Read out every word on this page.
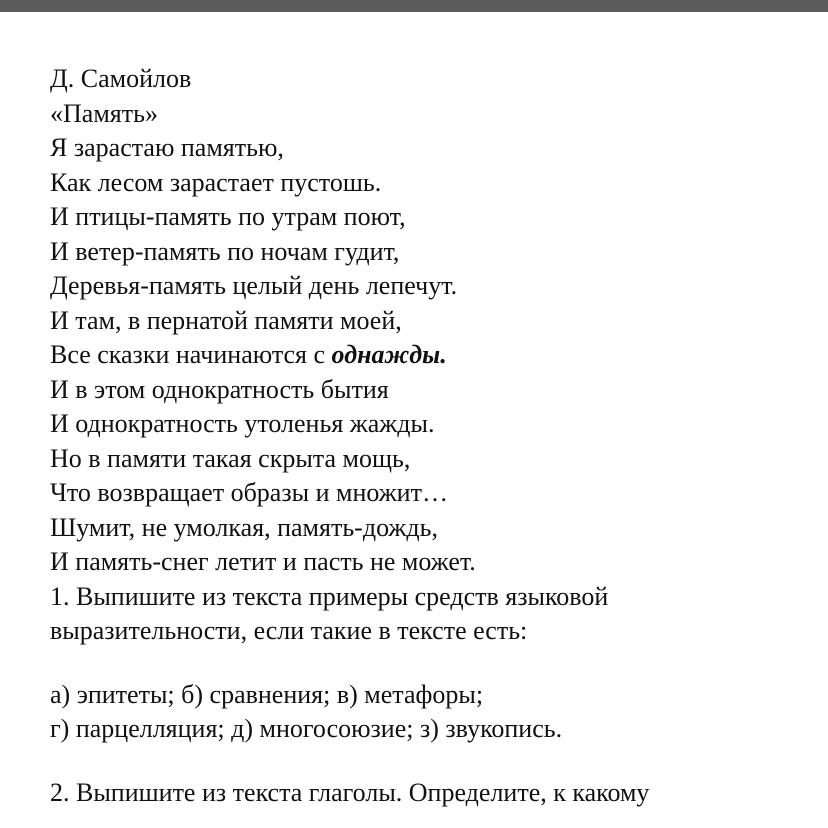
Д. Самойлов
«Память»
Я зарастаю памятью,
Как лесом зарастает пустошь.
И птицы-память по утрам поют,
И ветер-память по ночам гудит,
Деревья-память целый день лепечут.
И там, в пернатой памяти моей,
Все сказки начинаются с однажды.
И в этом однократность бытия
И однократность утоленья жажды.
Но в памяти такая скрыта мощь,
Что возвращает образы и множит…
Шумит, не умолкая, память-дождь,
И память-снег летит и пасть не может.
1. Выпишите из текста примеры средств языковой
выразительности, если такие в тексте есть:
а) эпитеты; б) сравнения; в) метафоры;
г) парцелляция; д) многосоюзие; з) звукопись.
2. Выпишите из текста глаголы. Определите, к какому
